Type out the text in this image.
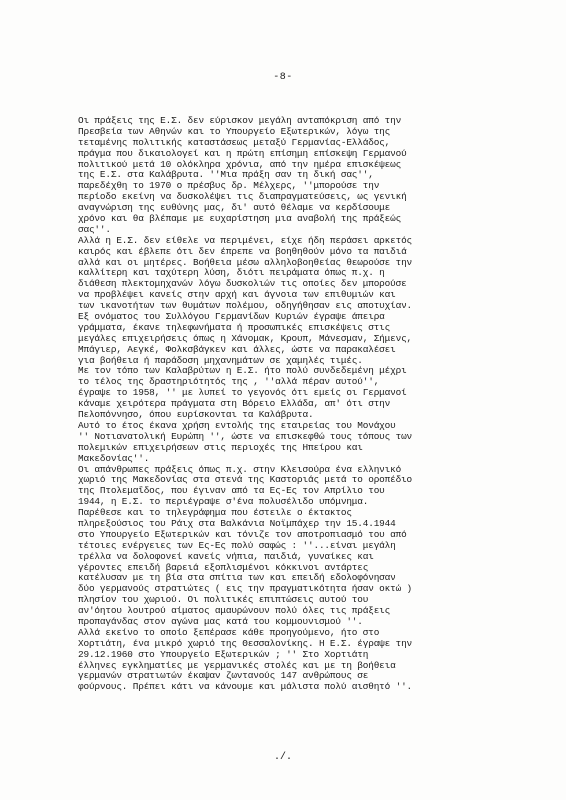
-8-
Οι πράξεις της Ε.Σ. δεν εύρισκον μεγάλη ανταπόκριση από την
Πρεσβεία των Αθηνών και το Υπουργείο Εξωτερικών, λόγω της
τεταμένης πολιτικής καταστάσεως μεταξύ Γερμανίας-Ελλάδος,
πράγμα που δικαιολογεί και η πρώτη επίσημη επίσκεψη Γερμανού
πολιτικού μετά 10 ολόκληρα χρόνια, από την ημέρα επισκέψεως
της Ε.Σ. στα Καλάβρυτα. ''Μια πράξη σαν τη δική σας'',
παρεδέχθη το 1970 ο πρέσβυς δρ. Μέλχερς, ''μπορούσε την
περίοδο εκείνη να δυσκολέψει τις διαπραγματεύσεις, ως γενική
αναγνώριση της ευθύνης μας, δι' αυτό θέλαμε να κερδίσουμε
χρόνο και θα βλέπαμε με ευχαρίστηση μια αναβολή της πράξεώς
σας''.
Αλλά η Ε.Σ. δεν είθελε να περιμένει, είχε ήδη περάσει αρκετός
καιρός και έβλεπε ότι δεν έπρεπε να βοηθηθούν μόνο τα παιδιά
αλλά και οι μητέρες. Βοήθεια μέσω αλληλοβοηθείας θεωρούσε την
καλλίτερη και ταχύτερη λύση, διότι πειράματα όπως π.χ. η
διάθεση πλεκτομηχανών λόγω δυσκολιών τις οποίες δεν μπορούσε
να προβλέψει κανείς στην αρχή και άγνοια των επιθυμιών και
των ικανοτήτων των θυμάτων πολέμου, οδηγήθησαν εις αποτυχίαν.
Εξ ονόματος του Συλλόγου Γερμανίδων Κυριών έγραψε άπειρα
γράμματα, έκανε τηλεφωνήματα ή προσωπικές επισκέψεις στις
μεγάλες επιχειρήσεις όπως η Χάνομακ, Κρουπ, Μάνεσμαν, Σήμενς,
Μπάγιερ, Αεγκέ, Φολκσβάγκεν και άλλες, ώστε να παρακαλέσει
για βοήθεια ή παράδοση μηχανημάτων σε χαμηλές τιμές.
Με τον τόπο των Καλαβρύτων η Ε.Σ. ήτο πολύ συνδεδεμένη μέχρι
το τέλος της δραστηριότητός της , ''αλλά πέραν αυτού'',
έγραψε το 1958, '' με λυπεί το γεγονός ότι εμείς οι Γερμανοί
κάναμε χειρότερα πράγματα στη Βόρειο Ελλάδα, απ' ότι στην
Πελοπόννησο, όπου ευρίσκονται τα Καλάβρυτα.
Αυτό το έτος έκανα χρήση εντολής της εταιρείας του Μονάχου
'' Νοτιανατολική Ευρώπη '', ώστε να επισκεφθώ τους τόπους των
πολεμικών επιχειρήσεων στις περιοχές της Ηπείρου και
Μακεδονίας''.
Οι απάνθρωπες πράξεις όπως π.χ. στην Κλεισούρα ένα ελληνικό
χωριό της Μακεδονίας στα στενά της Καστοριάς μετά το οροπέδιο
της Πτολεμαΐδος, που έγιναν από τα Ες-Ες τον Απρίλιο του
1944, η Ε.Σ. το περιέγραψε σ'ένα πολυσέλιδο υπόμνημα.
Παρέθεσε και το τηλεγράφημα που έστειλε ο έκτακτος
πληρεξούσιος του Ράιχ στα Βαλκάνια Νοϊμπάχερ την 15.4.1944
στο Υπουργείο Εξωτερικών και τόνιζε τον αποτροπιασμό του από
τέτοιες ενέργειες των Ες-Ες πολύ σαφώς : ''...είναι μεγάλη
τρέλλα να δολοφονεί κανείς νήπια, παιδιά, γυναίκες και
γέροντες επειδή βαρειά εξοπλισμένοι κόκκινοι αντάρτες
κατέλυσαν με τη βία στα σπίτια των και επειδή εδολοφόνησαν
δύο γερμανούς στρατιώτες ( εις την πραγματικότητα ήσαν οκτώ )
πλησίον του χωριού. Οι πολιτικές επιπτώσεις αυτού του
αν'όητου λουτρού αίματος αμαυρώνουν πολύ όλες τις πράξεις
προπαγάνδας στον αγώνα μας κατά του κομμουνισμού ''.
Αλλά εκείνο το οποίο ξεπέρασε κάθε προηγούμενο, ήτο στο
Χορτιάτη, ένα μικρό χωριό της Θεσσαλονίκης. Η Ε.Σ. έγραψε την
29.12.1960 στο Υπουργείο Εξωτερικών ; '' Στο Χορτιάτη
έλληνες εγκληματίες με γερμανικές στολές και με τη βοήθεια
γερμανών στρατιωτών έκαψαν ζωντανούς 147 ανθρώπους σε
φούρνους. Πρέπει κάτι να κάνουμε και μάλιστα πολύ αισθητό ''.
./.
